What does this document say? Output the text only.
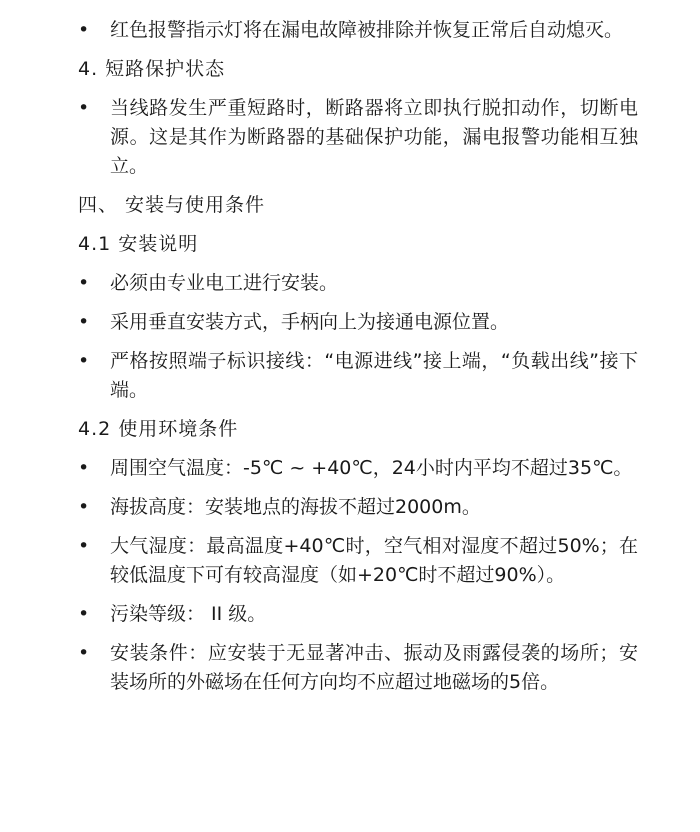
•	红色报警指示灯将在漏电故障被排除并恢复正常后自动熄灭。
4. 短路保护状态
•	当线路发生严重短路时，断路器将立即执行脱扣动作，切断电源。这是其作为断路器的基础保护功能，漏电报警功能相互独立。
四、 安装与使用条件
4.1 安装说明
•	必须由专业电工进行安装。
•	采用垂直安装方式，手柄向上为接通电源位置。
•	严格按照端子标识接线：“电源进线”接上端，“负载出线”接下端。
4.2 使用环境条件
•	周围空气温度：-5℃ ~ +40℃，24小时内平均不超过35℃。
•	海拔高度：安装地点的海拔不超过2000m。
•	大气湿度：最高温度+40℃时，空气相对湿度不超过50%；在较低温度下可有较高湿度（如+20℃时不超过90%）。
•	污染等级： II 级。
•	安装条件：应安装于无显著冲击、振动及雨露侵袭的场所；安装场所的外磁场在任何方向均不应超过地磁场的5倍。
